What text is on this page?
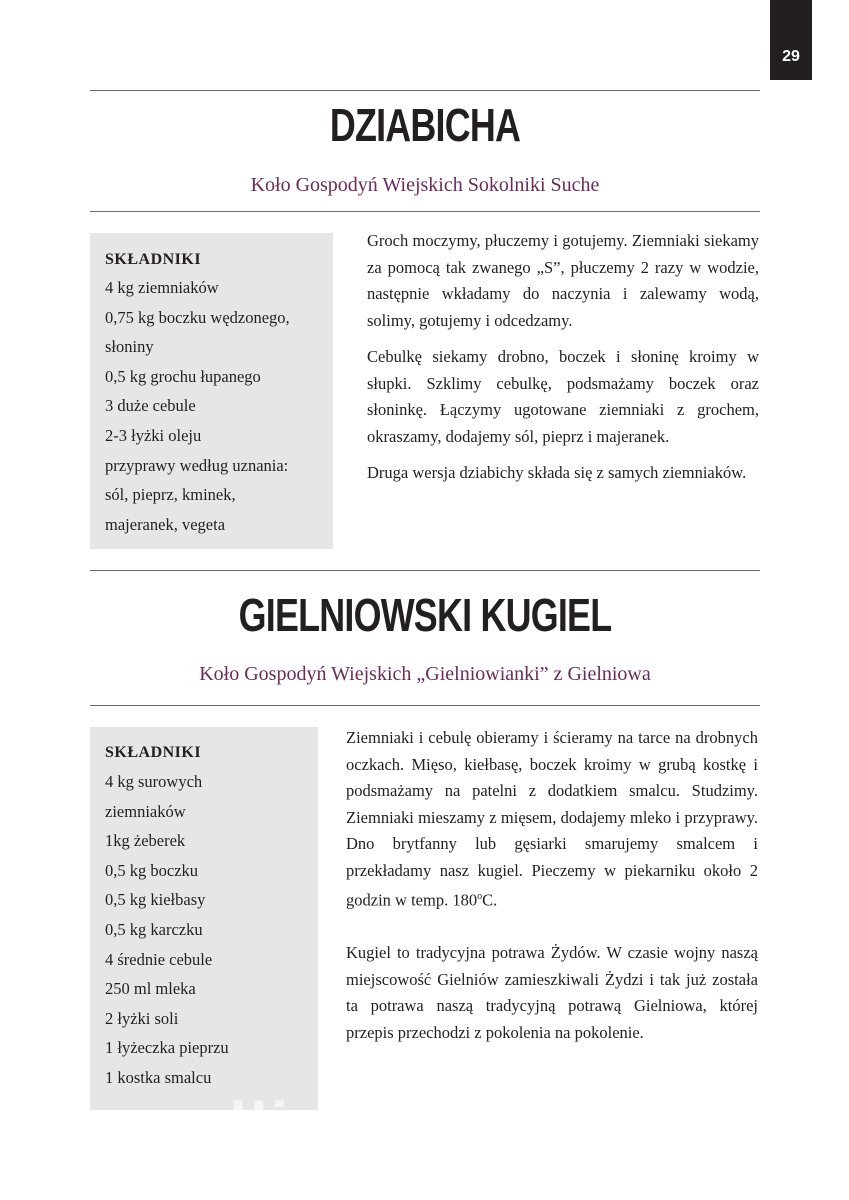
29
DZIABICHA
Koło Gospodyń Wiejskich Sokolniki Suche
SKŁADNIKI
4 kg ziemniaków
0,75 kg boczku wędzonego,
słoniny
0,5 kg grochu łupanego
3 duże cebule
2-3 łyżki oleju
przyprawy według uznania:
sól, pieprz, kminek,
majeranek, vegeta

Groch moczymy, płuczemy i gotujemy. Ziemniaki siekamy za pomocą tak zwanego „S”, płuczemy 2 razy w wodzie, następnie wkładamy do naczynia i zalewamy wodą, solimy, gotujemy i odcedzamy.

Cebulkę siekamy drobno, boczek i słoninę kroimy w słupki. Szklimy cebulkę, podsmażamy boczek oraz słoninkę. Łączymy ugotowane ziemniaki z grochem, okraszamy, dodajemy sól, pieprz i majeranek.

Druga wersja dziabichy składa się z samych ziemniaków.

GIELNIOWSKI KUGIEL
Koło Gospodyń Wiejskich „Gielniowianki” z Gielniowa
SKŁADNIKI
4 kg surowych
ziemniaków
1kg żeberek
0,5 kg boczku
0,5 kg kiełbasy
0,5 kg karczku
4 średnie cebule
250 ml mleka
2 łyżki soli
1 łyżeczka pieprzu
1 kostka smalcu

Ziemniaki i cebulę obieramy i ścieramy na tarce na drobnych oczkach. Mięso, kiełbasę, boczek kroimy w grubą kostkę i podsmażamy na patelni z dodatkiem smalcu. Studzimy. Ziemniaki mieszamy z mięsem, dodajemy mleko i przyprawy. Dno brytfanny lub gęsiarki smarujemy smalcem i przekładamy nasz kugiel. Pieczemy w piekarniku około 2 godzin w temp. 180$^o$C.

Kugiel to tradycyjna potrawa Żydów. W czasie wojny naszą miejscowość Gielniów zamieszkiwali Żydzi i tak już została ta potrawa naszą tradycyjną potrawą Gielniowa, której przepis przechodzi z pokolenia na pokolenie.

wedlinydomowe.pl
